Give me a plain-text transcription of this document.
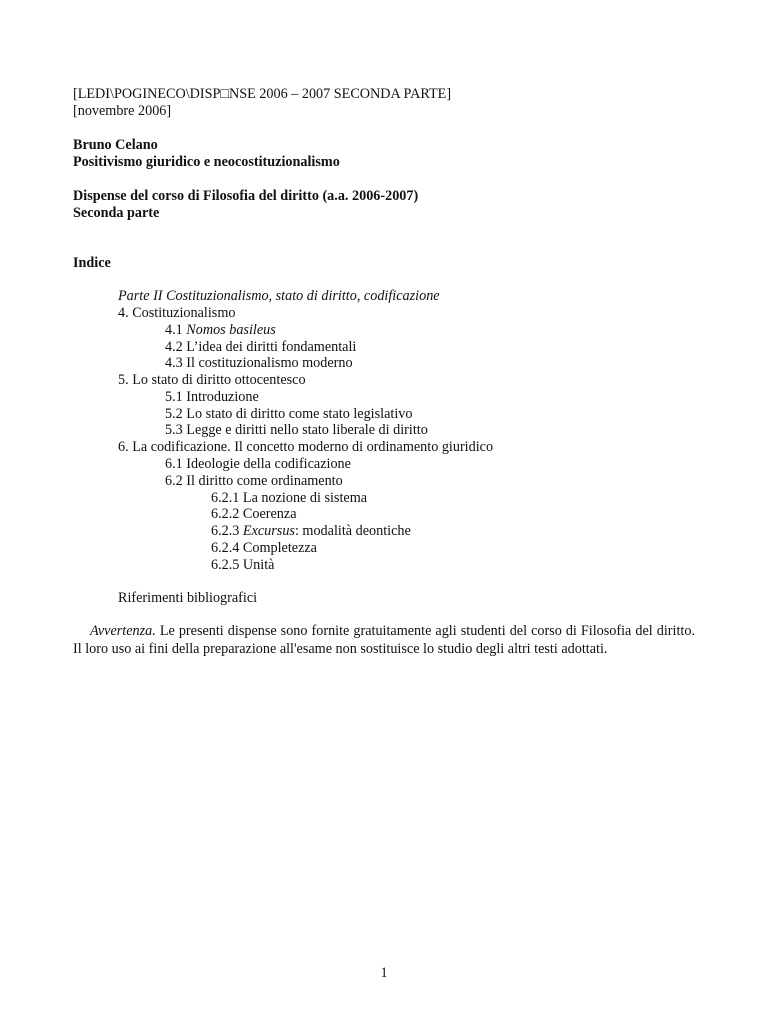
[LEDI\POGINECO\DISP□NSE 2006 – 2007 SECONDA PARTE]
[novembre 2006]
Bruno Celano
Positivismo giuridico e neocostituzionalismo
Dispense del corso di Filosofia del diritto (a.a. 2006-2007)
Seconda parte
Indice
Parte II Costituzionalismo, stato di diritto, codificazione
4. Costituzionalismo
4.1 Nomos basileus
4.2 L’idea dei diritti fondamentali
4.3 Il costituzionalismo moderno
5. Lo stato di diritto ottocentesco
5.1 Introduzione
5.2 Lo stato di diritto come stato legislativo
5.3 Legge e diritti nello stato liberale di diritto
6. La codificazione. Il concetto moderno di ordinamento giuridico
6.1 Ideologie della codificazione
6.2 Il diritto come ordinamento
6.2.1 La nozione di sistema
6.2.2 Coerenza
6.2.3 Excursus: modalità deontiche
6.2.4 Completezza
6.2.5 Unità
Riferimenti bibliografici
Avvertenza. Le presenti dispense sono fornite gratuitamente agli studenti del corso di Filosofia del diritto. Il loro uso ai fini della preparazione all'esame non sostituisce lo studio degli altri testi adottati.
1
